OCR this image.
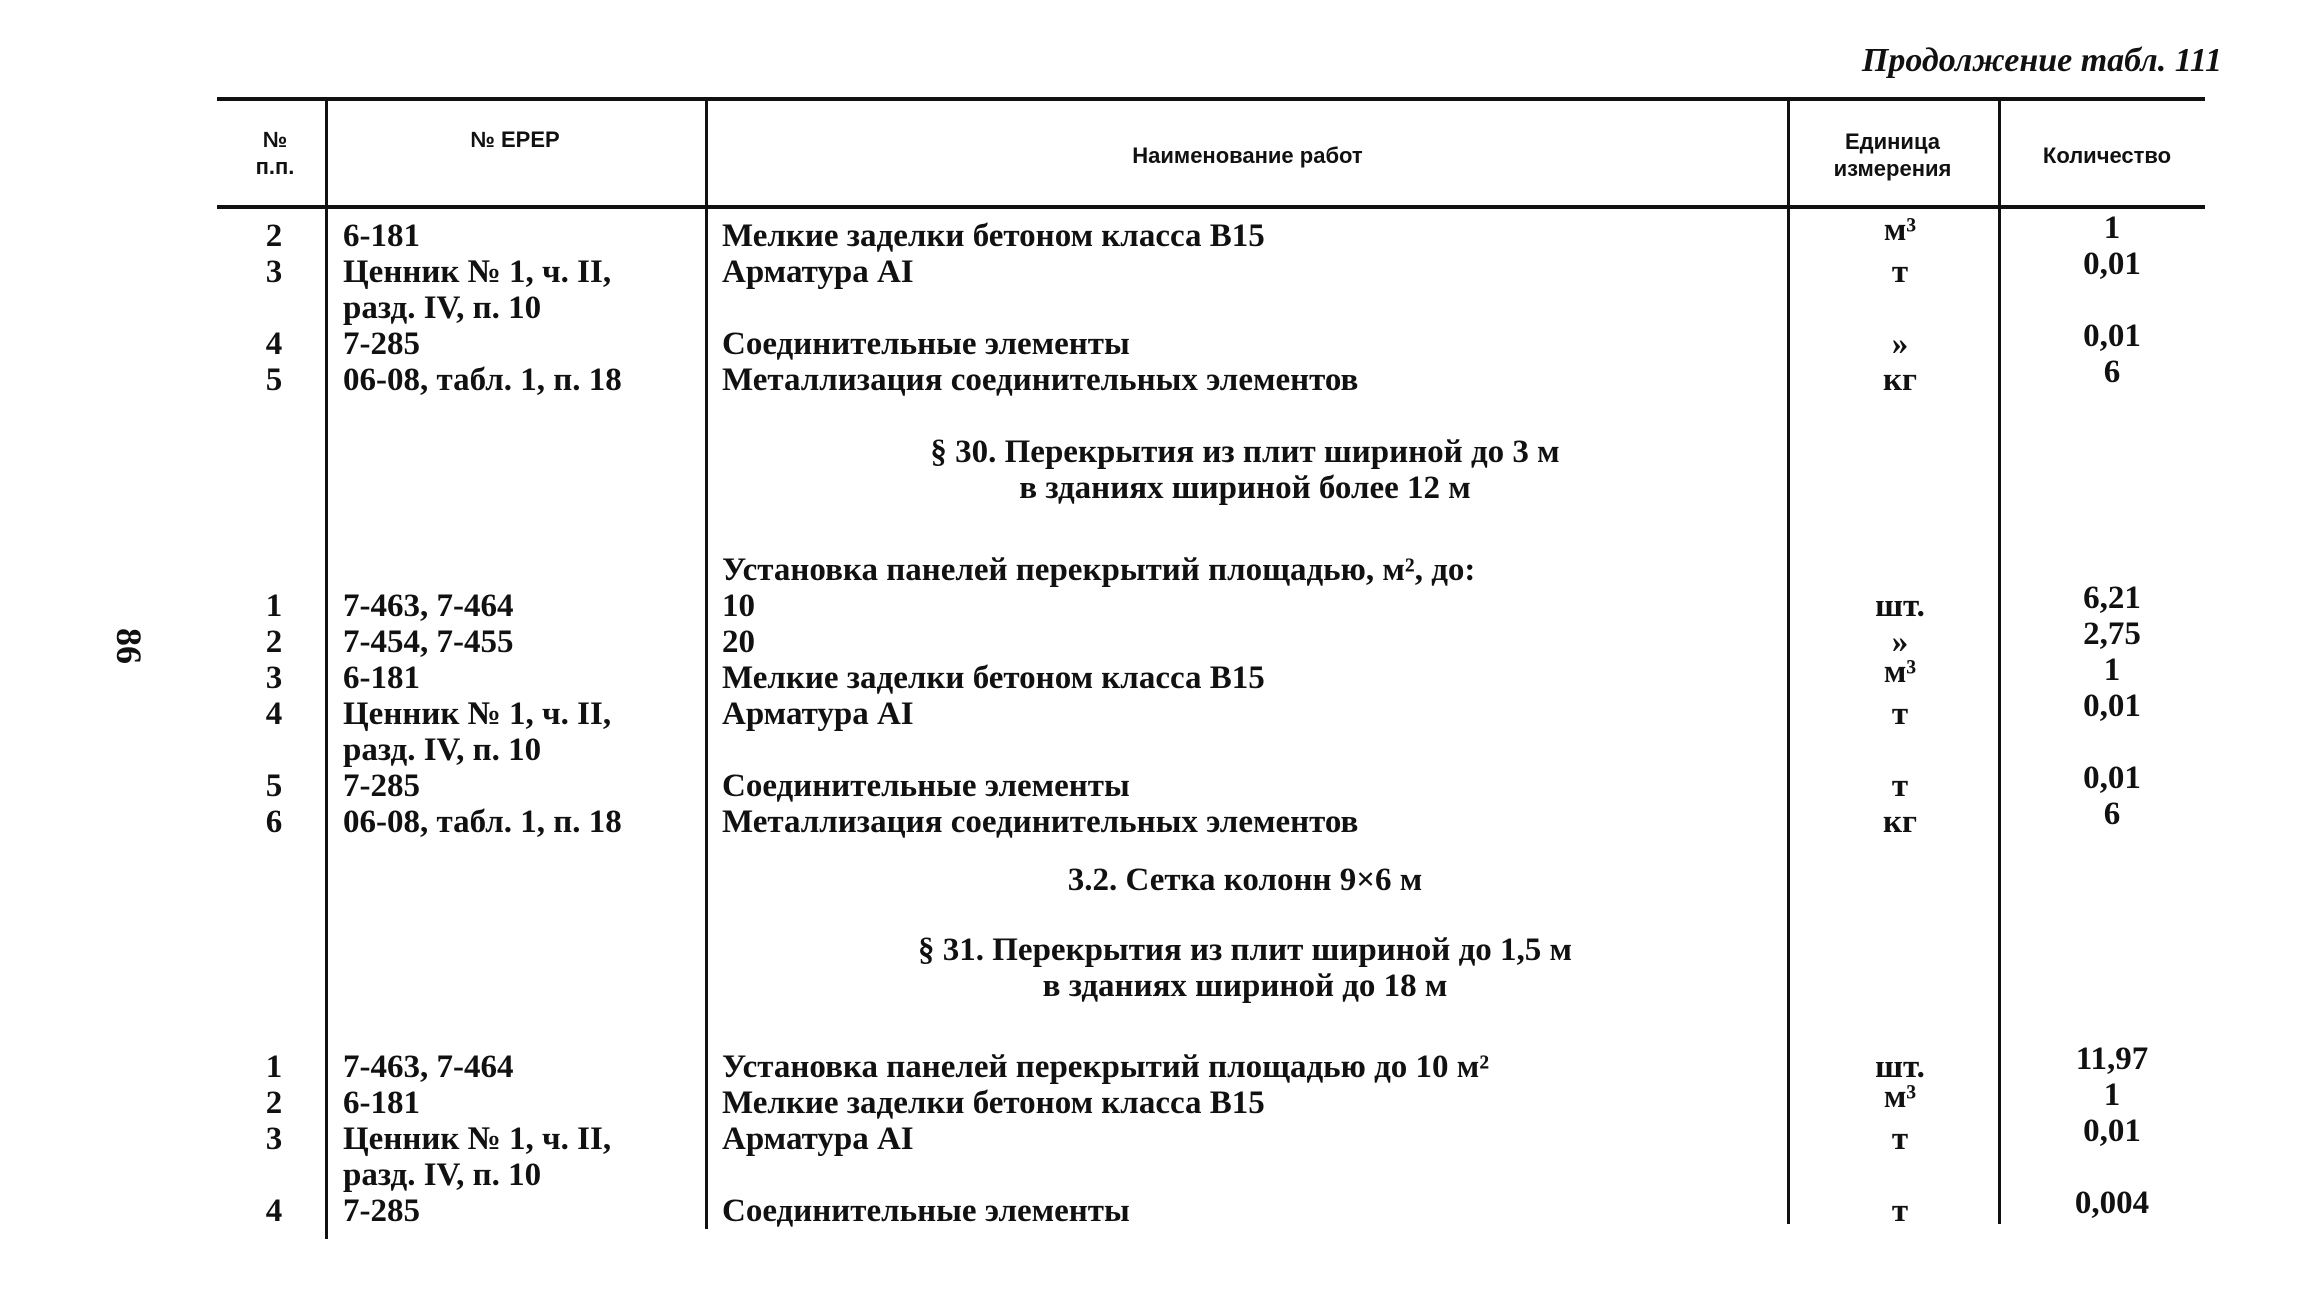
Продолжение табл. 111
86
№
п.п.
№ ЕРЕР
Наименование работ
Единица
измерения
Количество
2	6-181	Мелкие заделки бетоном класса В15	м³	1
3	Ценник № 1, ч. II,	Арматура АI	т	0,01
разд. IV, п. 10
4	7-285	Соединительные элементы	»	0,01
5	06-08, табл. 1, п. 18	Металлизация соединительных элементов	кг	6
§ 30. Перекрытия из плит шириной до 3 м
в зданиях шириной более 12 м
Установка панелей перекрытий площадью, м², до:
1	7-463, 7-464	10	шт.	6,21
2	7-454, 7-455	20	»	2,75
3	6-181	Мелкие заделки бетоном класса В15	м³	1
4	Ценник № 1, ч. II,	Арматура АI	т	0,01
разд. IV, п. 10
5	7-285	Соединительные элементы	т	0,01
6	06-08, табл. 1, п. 18	Металлизация соединительных элементов	кг	6
3.2. Сетка колонн 9×6 м
§ 31. Перекрытия из плит шириной до 1,5 м
в зданиях шириной до 18 м
1	7-463, 7-464	Установка панелей перекрытий площадью до 10 м²	шт.	11,97
2	6-181	Мелкие заделки бетоном класса В15	м³	1
3	Ценник № 1, ч. II,	Арматура АI	т	0,01
разд. IV, п. 10
4	7-285	Соединительные элементы	т	0,004
